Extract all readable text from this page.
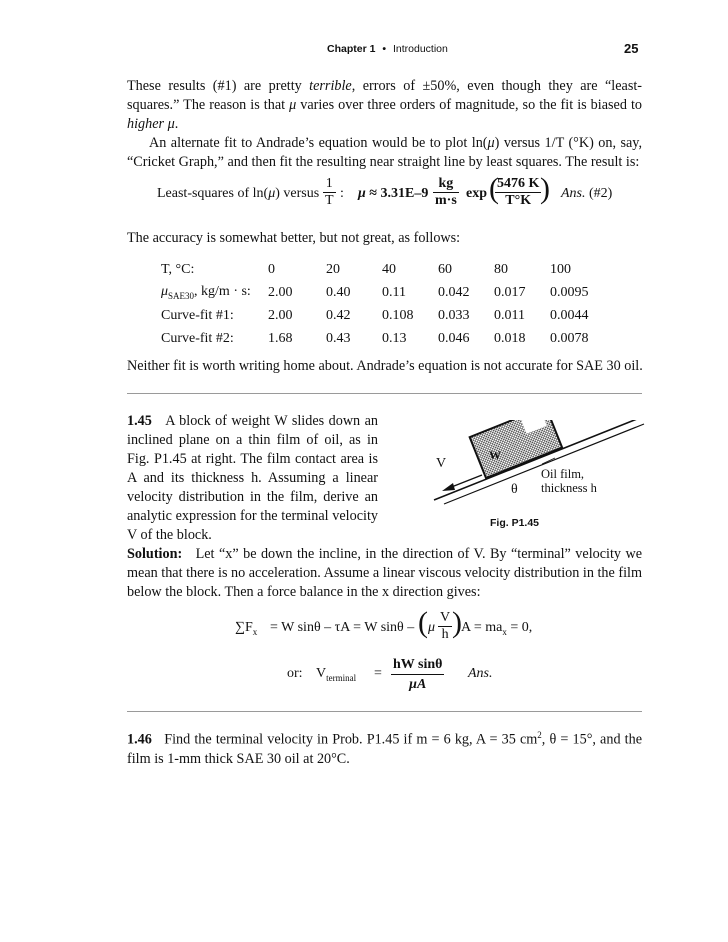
Chapter 1 • Introduction	25
These results (#1) are pretty terrible, errors of ±50%, even though they are “least-squares.” The reason is that μ varies over three orders of magnitude, so the fit is biased to higher μ.
An alternate fit to Andrade’s equation would be to plot ln(μ) versus 1/T (°K) on, say, “Cricket Graph,” and then fit the resulting near straight line by least squares. The result is:
Least-squares of ln(μ) versus $\frac{1}{T}$ : $\mu \approx 3.31E-9 \frac{kg}{m\cdot s}$ exp (
$\frac{5476 K}{T^\circ K}$
) Ans. (#2)
The accuracy is somewhat better, but not great, as follows:
T, °C:	0	20	40	60	80	100
$\mu_{SAE30}$, kg/m · s:	2.00	0.40	0.11	0.042	0.017	0.0095
Curve-fit #1:	2.00	0.42	0.108	0.033	0.011	0.0044
Curve-fit #2:	1.68	0.43	0.13	0.046	0.018	0.0078
Neither fit is worth writing home about. Andrade’s equation is not accurate for SAE 30 oil.
1.45 A block of weight W slides down an inclined plane on a thin film of oil, as in Fig. P1.45 at right. The film contact area is A and its thickness h. Assuming a linear velocity distribution in the film, derive an analytic expression for the terminal velocity V of the block.
W
V
θ
Oil film,
thickness h
Fig. P1.45
Solution: Let “x” be down the incline, in the direction of V. By “terminal” velocity we mean that there is no acceleration. Assume a linear viscous velocity distribution in the film below the block. Then a force balance in the x direction gives:
$\sum F_x = W$ sinθ – τA = W sinθ – ( μ $\frac{V}{h}$ ) $A = ma_x = 0$,
or: $V_{terminal} = \frac{\text{hW sinθ}}{\mu A}$ Ans.
1.46 Find the terminal velocity in Prob. P1.45 if m = 6 kg, A = 35 $cm^2$, θ = 15°, and the film is 1-mm thick SAE 30 oil at 20°C.
